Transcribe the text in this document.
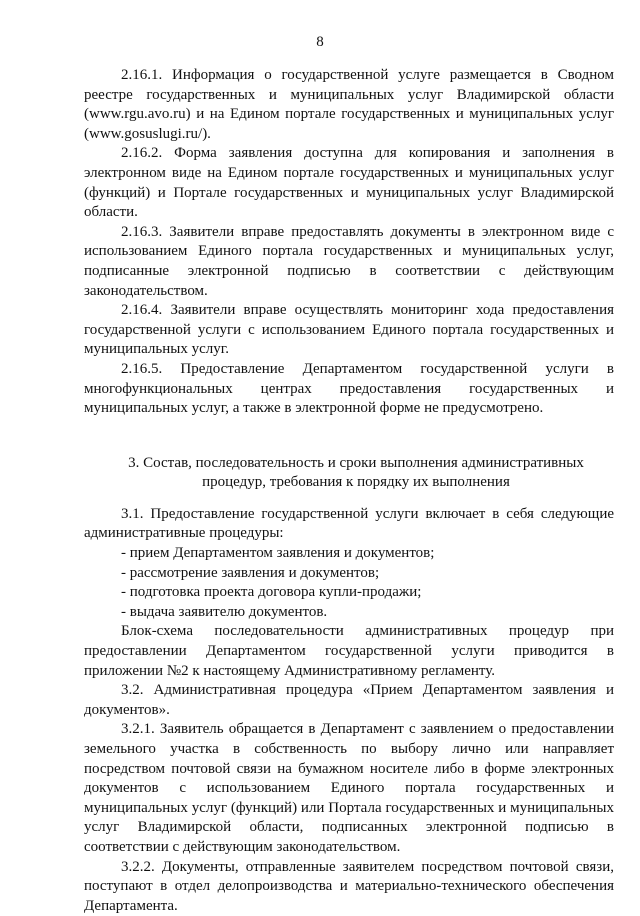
8

2.16.1. Информация о государственной услуге размещается в Сводном реестре государственных и муниципальных услуг Владимирской области (www.rgu.avo.ru) и на Едином портале государственных и муниципальных услуг (www.gosuslugi.ru/).

2.16.2. Форма заявления доступна для копирования и заполнения в электронном виде на Едином портале государственных и муниципальных услуг (функций) и Портале государственных и муниципальных услуг Владимирской области.

2.16.3. Заявители вправе предоставлять документы в электронном виде с использованием Единого портала государственных и муниципальных услуг, подписанные электронной подписью в соответствии с действующим законодательством.

2.16.4. Заявители вправе осуществлять мониторинг хода предоставления государственной услуги с использованием Единого портала государственных и муниципальных услуг.

2.16.5. Предоставление Департаментом государственной услуги в многофункциональных центрах предоставления государственных и муниципальных услуг, а также в электронной форме не предусмотрено.

3. Состав, последовательность и сроки выполнения административных
процедур, требования к порядку их выполнения

3.1. Предоставление государственной услуги включает в себя следующие административные процедуры:

- прием Департаментом заявления и документов;

- рассмотрение заявления и документов;

- подготовка проекта договора купли-продажи;

- выдача заявителю документов.

Блок-схема последовательности административных процедур при предоставлении Департаментом государственной услуги приводится в приложении №2 к настоящему Административному регламенту.

3.2. Административная процедура «Прием Департаментом заявления и документов».

3.2.1. Заявитель обращается в Департамент с заявлением о предоставлении земельного участка в собственность по выбору лично или направляет посредством почтовой связи на бумажном носителе либо в форме электронных документов с использованием Единого портала государственных и муниципальных услуг (функций) или Портала государственных и муниципальных услуг Владимирской области, подписанных электронной подписью в соответствии с действующим законодательством.

3.2.2. Документы, отправленные заявителем посредством почтовой связи, поступают в отдел делопроизводства и материально-технического обеспечения Департамента.
